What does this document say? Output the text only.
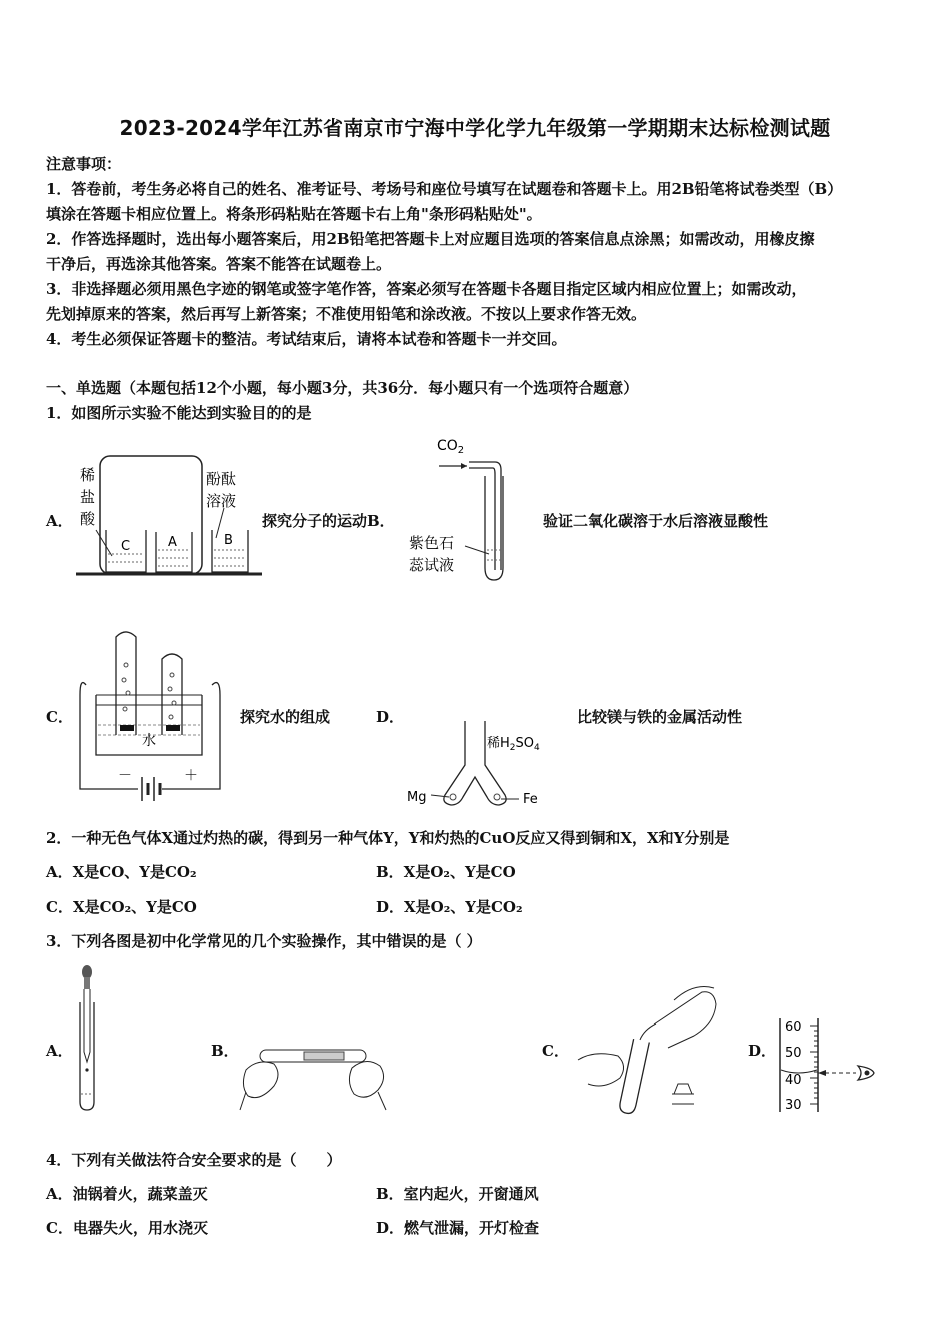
2023-2024学年江苏省南京市宁海中学化学九年级第一学期期末达标检测试题
注意事项：
1．答卷前，考生务必将自己的姓名、准考证号、考场号和座位号填写在试题卷和答题卡上。用2B铅笔将试卷类型（B）
填涂在答题卡相应位置上。将条形码粘贴在答题卡右上角"条形码粘贴处"。
2．作答选择题时，选出每小题答案后，用2B铅笔把答题卡上对应题目选项的答案信息点涂黑；如需改动，用橡皮擦
干净后，再选涂其他答案。答案不能答在试题卷上。
3．非选择题必须用黑色字迹的钢笔或签字笔作答，答案必须写在答题卡各题目指定区域内相应位置上；如需改动，
先划掉原来的答案，然后再写上新答案；不准使用铅笔和涂改液。不按以上要求作答无效。
4．考生必须保证答题卡的整洁。考试结束后，请将本试卷和答题卡一并交回。
一、单选题（本题包括12个小题，每小题3分，共36分．每小题只有一个选项符合题意）
1．如图所示实验不能达到实验目的的是
A．
C	A	B
稀
盐
酸
酚酞
溶液
探究分子的运动B．
$CO_2$
紫色石
蕊试液
验证二氧化碳溶于水后溶液显酸性
C．
水
－	＋
探究水的组成	D．
Mg	Fe
稀$H_2SO_4$
比较镁与铁的金属活动性
2．一种无色气体X通过灼热的碳，得到另一种气体Y，Y和灼热的CuO反应又得到铜和X，X和Y分别是
A．X是CO、Y是CO₂	B．X是O₂、Y是CO
C．X是CO₂、Y是CO	D．X是O₂、Y是CO₂
3．下列各图是初中化学常见的几个实验操作，其中错误的是（ ）
A．	B．	C．	D．
60
50
40
30
4．下列有关做法符合安全要求的是（　　）
A．油锅着火，蔬菜盖灭	B．室内起火，开窗通风
C．电器失火，用水浇灭	D．燃气泄漏，开灯检查
